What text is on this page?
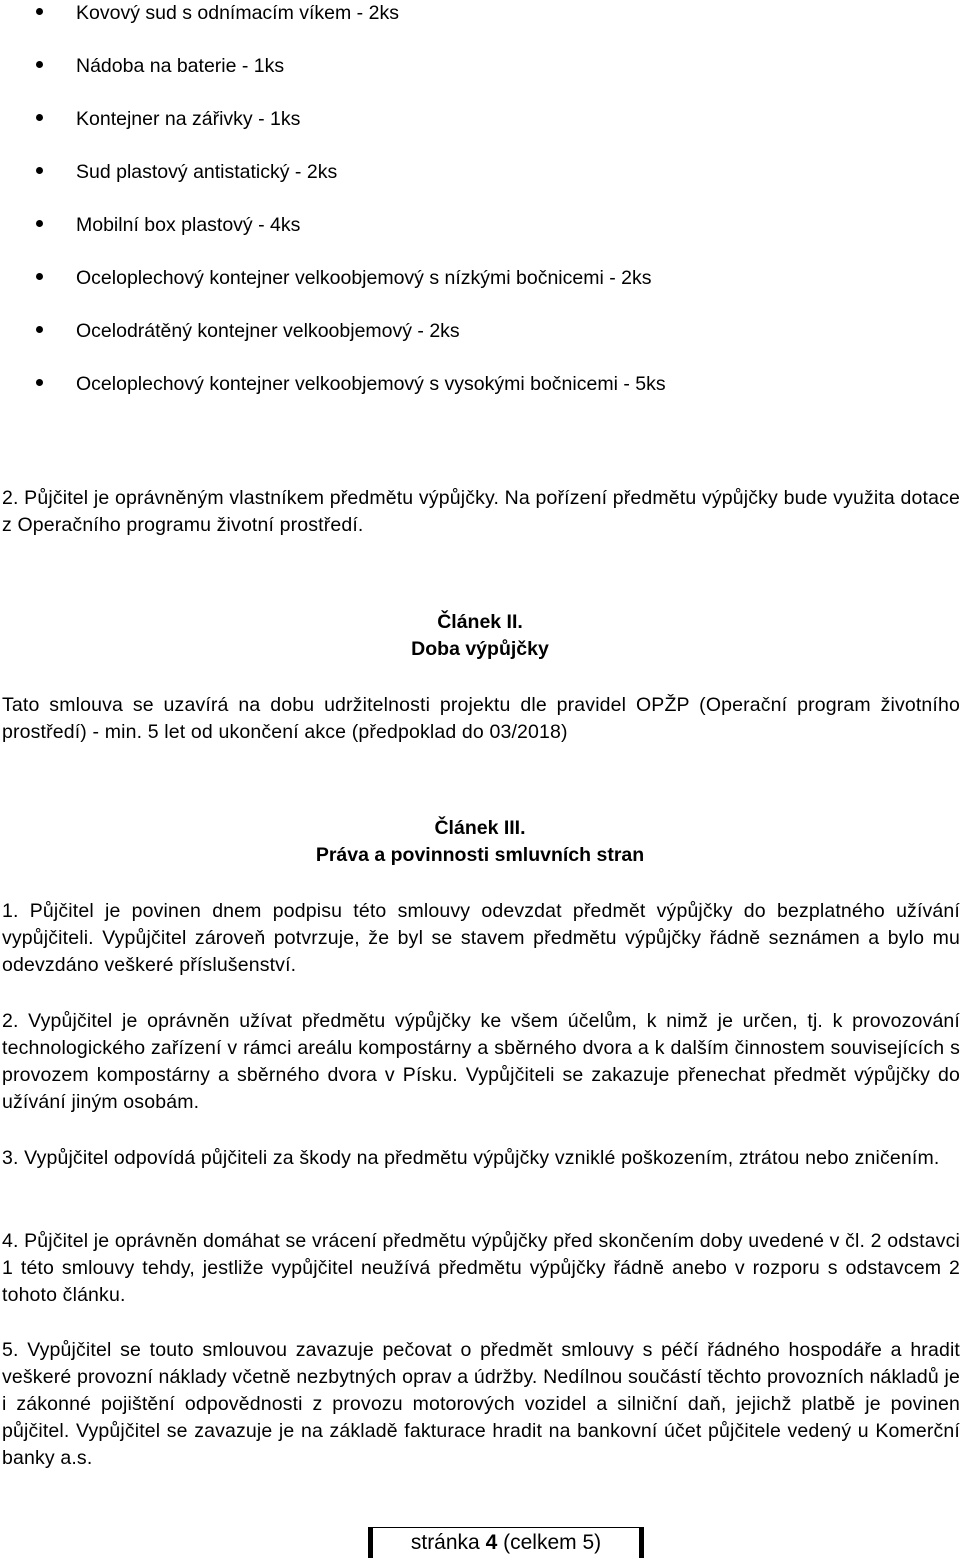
Kovový sud s odnímacím víkem - 2ks
Nádoba na baterie - 1ks
Kontejner na zářivky - 1ks
Sud plastový antistatický - 2ks
Mobilní box plastový - 4ks
Oceloplechový kontejner velkoobjemový s nízkými bočnicemi - 2ks
Ocelodrátěný kontejner velkoobjemový - 2ks
Oceloplechový kontejner velkoobjemový s vysokými bočnicemi - 5ks

2. Půjčitel je oprávněným vlastníkem předmětu výpůjčky. Na pořízení předmětu výpůjčky bude využita dotace z Operačního programu životní prostředí.

Článek II.

Doba výpůjčky

Tato smlouva se uzavírá na dobu udržitelnosti projektu dle pravidel OPŽP (Operační program životního prostředí) - min. 5 let od ukončení akce (předpoklad do 03/2018)

Článek III.

Práva a povinnosti smluvních stran

1. Půjčitel je povinen dnem podpisu této smlouvy odevzdat předmět výpůjčky do bezplatného užívání vypůjčiteli. Vypůjčitel zároveň potvrzuje, že byl se stavem předmětu výpůjčky řádně seznámen a bylo mu odevzdáno veškeré příslušenství.

2. Vypůjčitel je oprávněn užívat předmětu výpůjčky ke všem účelům, k nimž je určen, tj. k provozování technologického zařízení v rámci areálu kompostárny a sběrného dvora a k dalším činnostem souvisejících s provozem kompostárny a sběrného dvora v Písku. Vypůjčiteli se zakazuje přenechat předmět výpůjčky do užívání jiným osobám.

3. Vypůjčitel odpovídá půjčiteli za škody na předmětu výpůjčky vzniklé poškozením, ztrátou nebo zničením.

4. Půjčitel je oprávněn domáhat se vrácení předmětu výpůjčky před skončením doby uvedené v čl. 2 odstavci 1 této smlouvy tehdy, jestliže vypůjčitel neužívá předmětu výpůjčky řádně anebo v rozporu s odstavcem 2 tohoto článku.

5. Vypůjčitel se touto smlouvou zavazuje pečovat o předmět smlouvy s péčí řádného hospodáře a hradit veškeré provozní náklady včetně nezbytných oprav a údržby. Nedílnou součástí těchto provozních nákladů je i zákonné pojištění odpovědnosti z provozu motorových vozidel a silniční daň, jejichž platbě je povinen půjčitel. Vypůjčitel se zavazuje je na základě fakturace hradit na bankovní účet půjčitele vedený u Komerční banky a.s.

stránka 4 (celkem 5)
